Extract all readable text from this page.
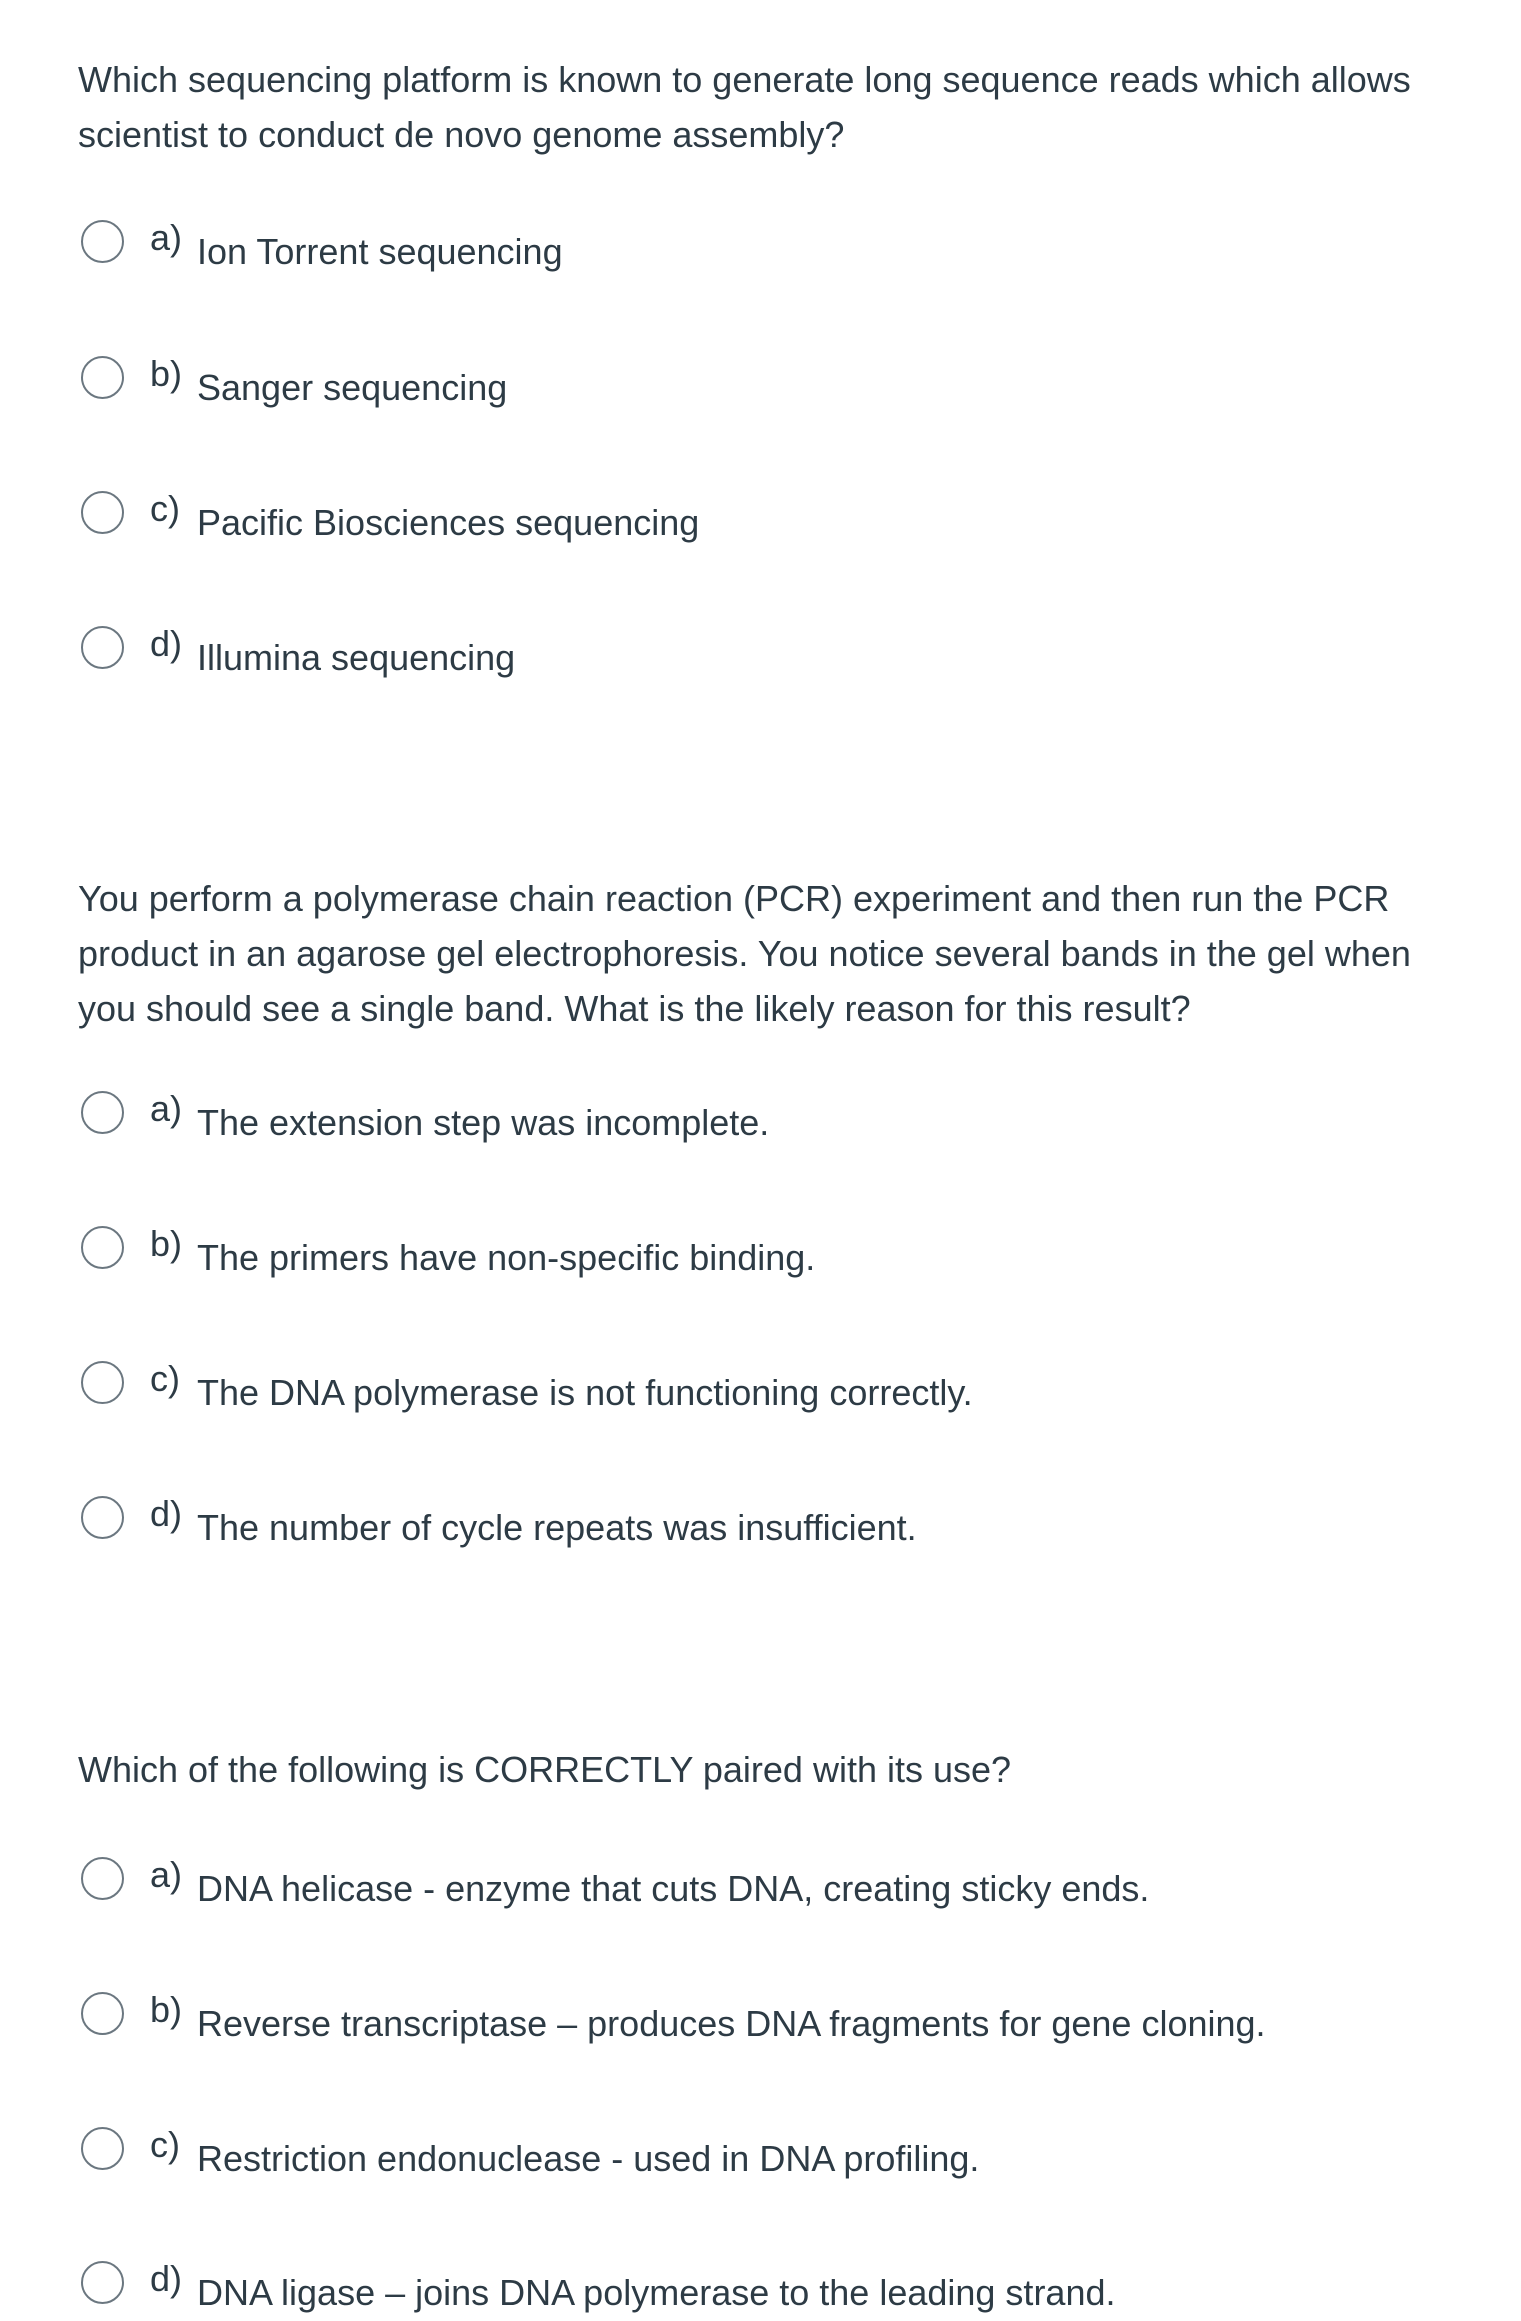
Which sequencing platform is known to generate long sequence reads which allows
scientist to conduct de novo genome assembly?
a) Ion Torrent sequencing
b) Sanger sequencing
c) Pacific Biosciences sequencing
d) Illumina sequencing
You perform a polymerase chain reaction (PCR) experiment and then run the PCR
product in an agarose gel electrophoresis. You notice several bands in the gel when
you should see a single band. What is the likely reason for this result?
a) The extension step was incomplete.
b) The primers have non-specific binding.
c) The DNA polymerase is not functioning correctly.
d) The number of cycle repeats was insufficient.
Which of the following is CORRECTLY paired with its use?
a) DNA helicase - enzyme that cuts DNA, creating sticky ends.
b) Reverse transcriptase – produces DNA fragments for gene cloning.
c) Restriction endonuclease - used in DNA profiling.
d) DNA ligase – joins DNA polymerase to the leading strand.
